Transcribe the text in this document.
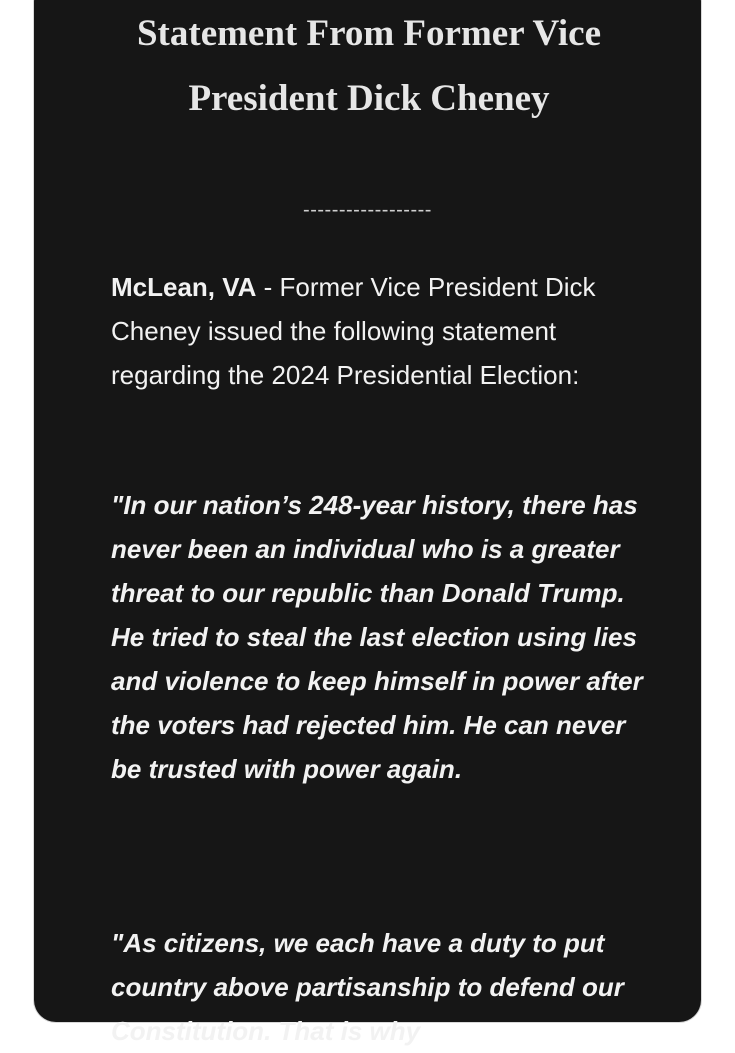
Statement From Former Vice President Dick Cheney
------------------

McLean, VA - Former Vice President Dick Cheney issued the following statement regarding the 2024 Presidential Election:

"In our nation’s 248-year history, there has never been an individual who is a greater threat to our republic than Donald Trump. He tried to steal the last election using lies and violence to keep himself in power after the voters had rejected him. He can never be trusted with power again.

"As citizens, we each have a duty to put country above partisanship to defend our Constitution. That is why
